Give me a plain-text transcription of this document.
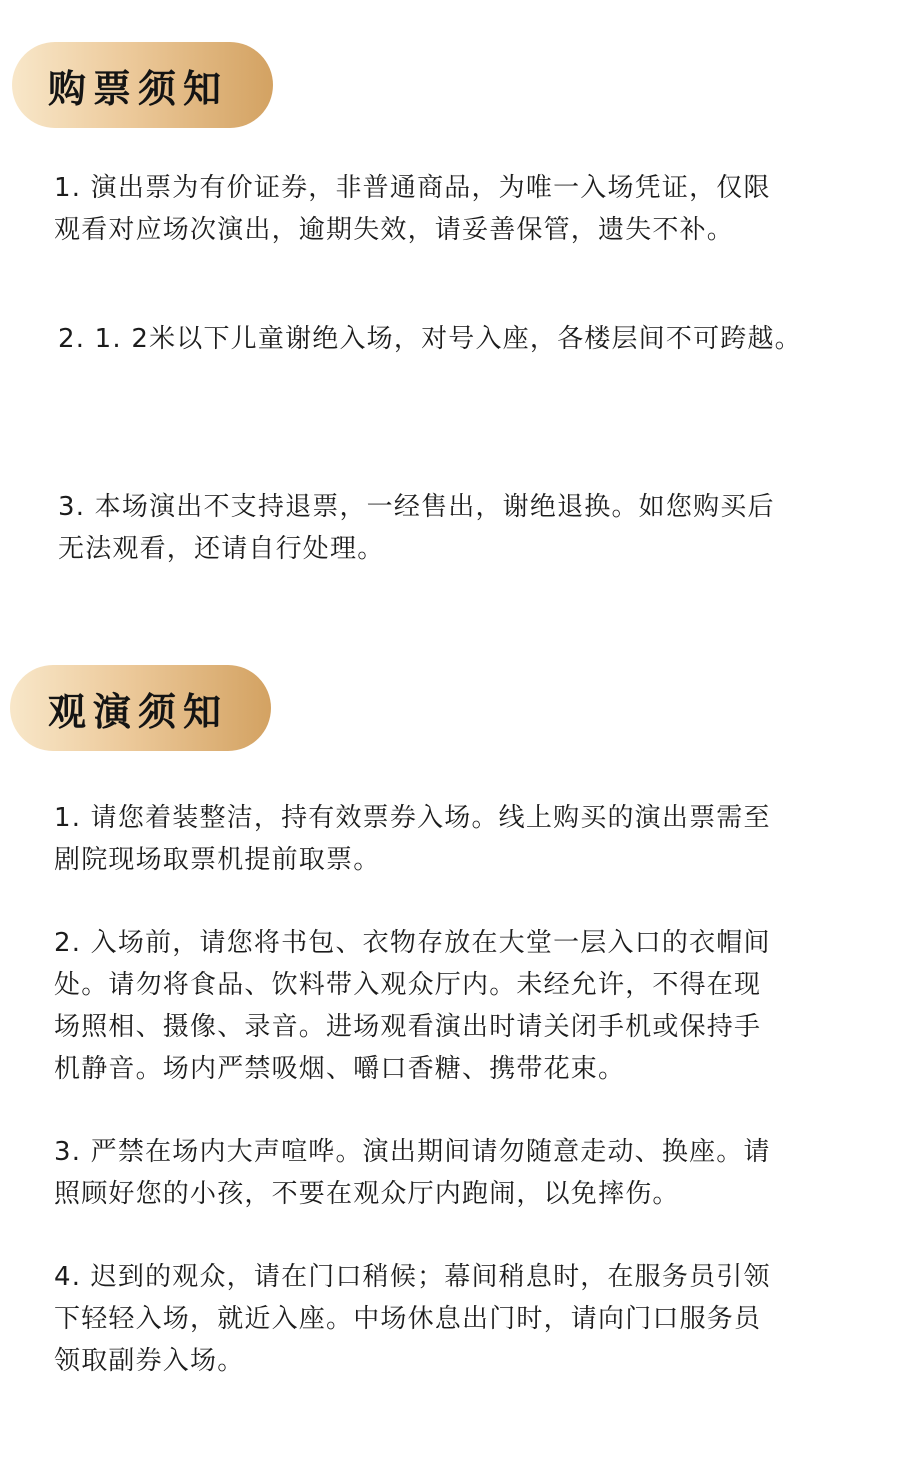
购票须知
1. 演出票为有价证券，非普通商品，为唯一入场凭证，仅限
观看对应场次演出，逾期失效，请妥善保管，遗失不补。
2. 1. 2米以下儿童谢绝入场，对号入座，各楼层间不可跨越。
3. 本场演出不支持退票，一经售出，谢绝退换。如您购买后
无法观看，还请自行处理。
观演须知
1. 请您着装整洁，持有效票券入场。线上购买的演出票需至
剧院现场取票机提前取票。
2. 入场前，请您将书包、衣物存放在大堂一层入口的衣帽间
处。请勿将食品、饮料带入观众厅内。未经允许，不得在现
场照相、摄像、录音。进场观看演出时请关闭手机或保持手
机静音。场内严禁吸烟、嚼口香糖、携带花束。
3. 严禁在场内大声喧哗。演出期间请勿随意走动、换座。请
照顾好您的小孩，不要在观众厅内跑闹，以免摔伤。
4. 迟到的观众，请在门口稍候；幕间稍息时，在服务员引领
下轻轻入场，就近入座。中场休息出门时，请向门口服务员
领取副券入场。
